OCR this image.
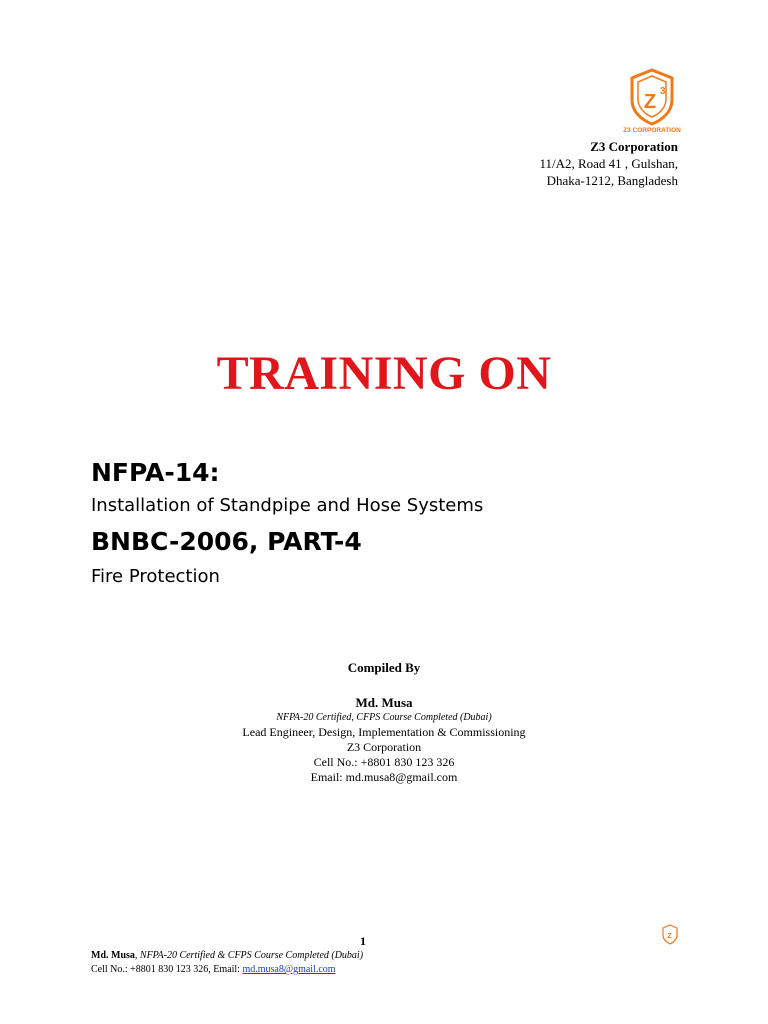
Z 3
Z3 CORPORATION
Z3 Corporation
11/A2, Road 41 , Gulshan,
Dhaka-1212, Bangladesh
TRAINING ON
NFPA-14:
Installation of Standpipe and Hose Systems
BNBC-2006, PART-4
Fire Protection
Compiled By
Md. Musa
NFPA-20 Certified, CFPS Course Completed (Dubai)
Lead Engineer, Design, Implementation & Commissioning
Z3 Corporation
Cell No.: +8801 830 123 326
Email: md.musa8@gmail.com
1
Md. Musa, NFPA-20 Certified & CFPS Course Completed (Dubai)
Cell No.: +8801 830 123 326, Email: md.musa8@gmail.com
Z
